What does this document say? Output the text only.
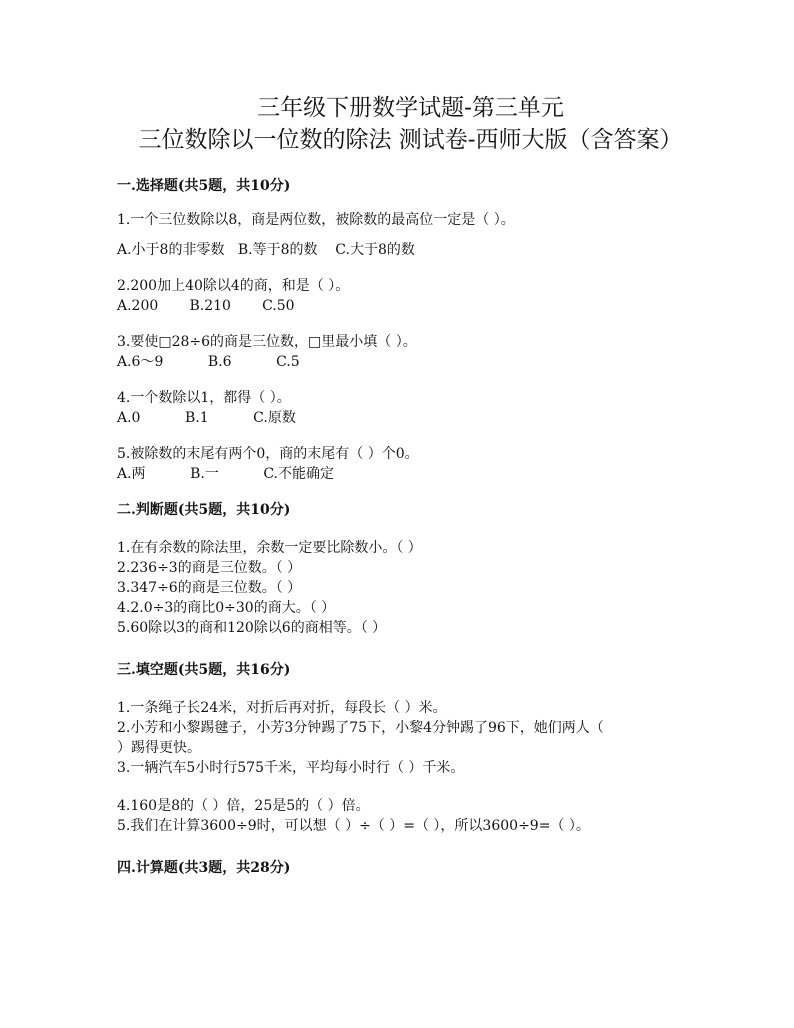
三年级下册数学试题-第三单元
三位数除以一位数的除法 测试卷-西师大版（含答案）
一.选择题(共5题，共10分)
1.一个三位数除以8，商是两位数，被除数的最高位一定是（ ）。
A.小于8的非零数 B.等于8的数 C.大于8的数
2.200加上40除以4的商，和是（ ）。
A.200 B.210 C.50
3.要使□28÷6的商是三位数，□里最小填（ ）。
A.6～9	B.6	C.5
4.一个数除以1，都得（ ）。
A.0	B.1	C.原数
5.被除数的末尾有两个0，商的末尾有（ ）个0。
A.两	B.一	C.不能确定
二.判断题(共5题，共10分)
1.在有余数的除法里，余数一定要比除数小。（ ）
2.236÷3的商是三位数。（ ）
3.347÷6的商是三位数。（ ）
4.2.0÷3的商比0÷30的商大。（ ）
5.60除以3的商和120除以6的商相等。（ ）
三.填空题(共5题，共16分)
1.一条绳子长24米，对折后再对折，每段长（ ）米。
2.小芳和小黎踢毽子，小芳3分钟踢了75下，小黎4分钟踢了96下，她们两人（
）踢得更快。
3.一辆汽车5小时行575千米，平均每小时行（ ）千米。
4.160是8的（ ）倍，25是5的（ ）倍。
5.我们在计算3600÷9时，可以想（ ）÷（ ）=（ ），所以3600÷9=（ ）。
四.计算题(共3题，共28分)
